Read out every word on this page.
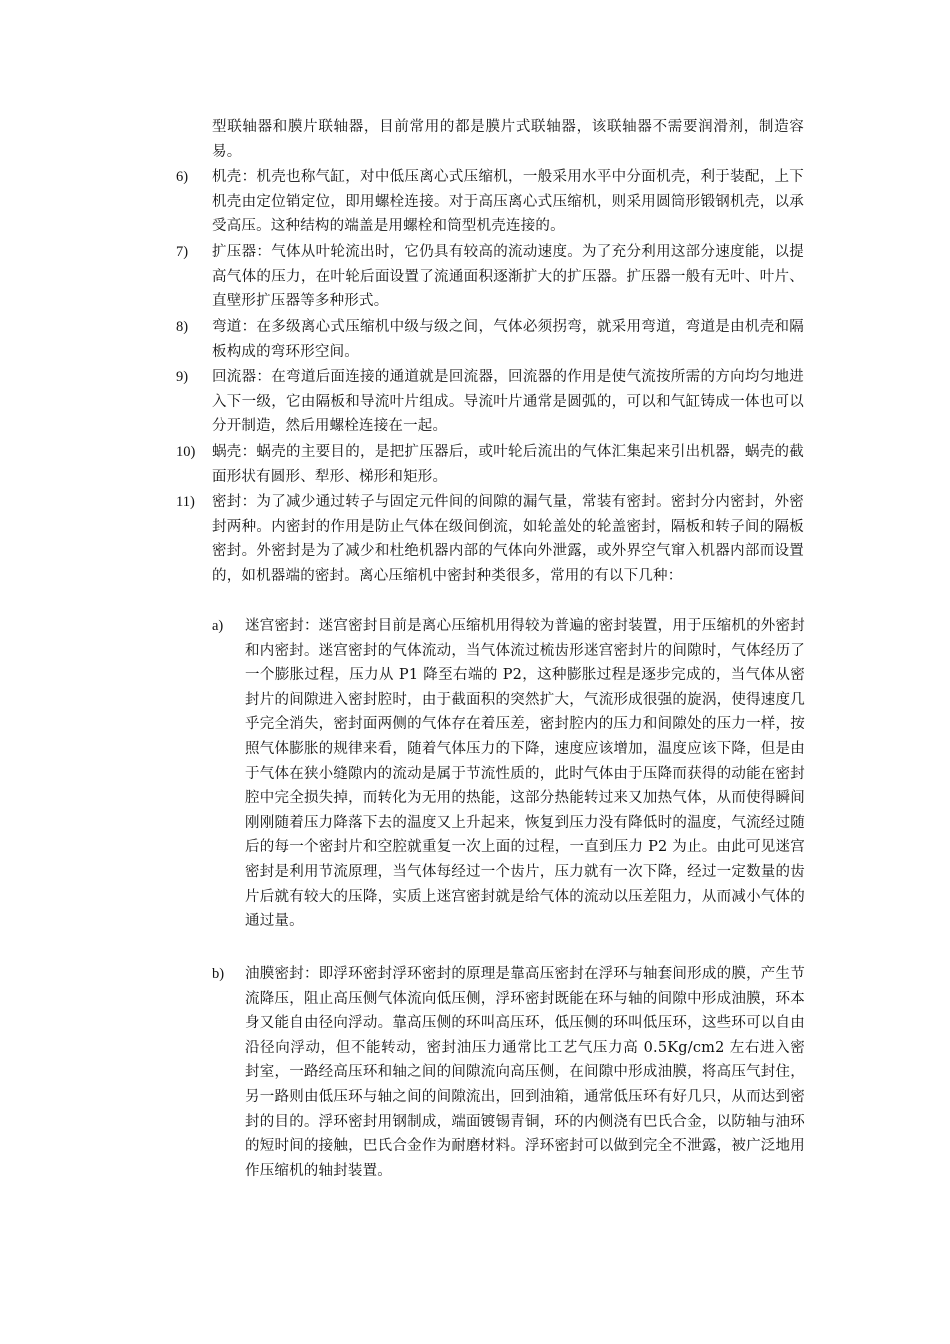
型联轴器和膜片联轴器，目前常用的都是膜片式联轴器，该联轴器不需要润滑剂，制造容易。
6) 机壳：机壳也称气缸，对中低压离心式压缩机，一般采用水平中分面机壳，利于装配，上下机壳由定位销定位，即用螺栓连接。对于高压离心式压缩机，则采用圆筒形锻钢机壳，以承受高压。这种结构的端盖是用螺栓和筒型机壳连接的。
7) 扩压器：气体从叶轮流出时，它仍具有较高的流动速度。为了充分利用这部分速度能，以提高气体的压力，在叶轮后面设置了流通面积逐渐扩大的扩压器。扩压器一般有无叶、叶片、直壁形扩压器等多种形式。
8) 弯道：在多级离心式压缩机中级与级之间，气体必须拐弯，就采用弯道，弯道是由机壳和隔板构成的弯环形空间。
9) 回流器：在弯道后面连接的通道就是回流器，回流器的作用是使气流按所需的方向均匀地进入下一级，它由隔板和导流叶片组成。导流叶片通常是圆弧的，可以和气缸铸成一体也可以分开制造，然后用螺栓连接在一起。
10) 蜗壳：蜗壳的主要目的，是把扩压器后，或叶轮后流出的气体汇集起来引出机器，蜗壳的截面形状有圆形、犁形、梯形和矩形。
11) 密封：为了减少通过转子与固定元件间的间隙的漏气量，常装有密封。密封分内密封，外密封两种。内密封的作用是防止气体在级间倒流，如轮盖处的轮盖密封，隔板和转子间的隔板密封。外密封是为了减少和杜绝机器内部的气体向外泄露，或外界空气窜入机器内部而设置的，如机器端的密封。离心压缩机中密封种类很多，常用的有以下几种：
a) 迷宫密封：迷宫密封目前是离心压缩机用得较为普遍的密封装置，用于压缩机的外密封和内密封。迷宫密封的气体流动，当气体流过梳齿形迷宫密封片的间隙时，气体经历了一个膨胀过程，压力从 P1 降至右端的 P2，这种膨胀过程是逐步完成的，当气体从密封片的间隙进入密封腔时，由于截面积的突然扩大，气流形成很强的旋涡，使得速度几乎完全消失，密封面两侧的气体存在着压差，密封腔内的压力和间隙处的压力一样，按照气体膨胀的规律来看，随着气体压力的下降，速度应该增加，温度应该下降，但是由于气体在狭小缝隙内的流动是属于节流性质的，此时气体由于压降而获得的动能在密封腔中完全损失掉，而转化为无用的热能，这部分热能转过来又加热气体，从而使得瞬间刚刚随着压力降落下去的温度又上升起来，恢复到压力没有降低时的温度，气流经过随后的每一个密封片和空腔就重复一次上面的过程，一直到压力 P2 为止。由此可见迷宫密封是利用节流原理，当气体每经过一个齿片，压力就有一次下降，经过一定数量的齿片后就有较大的压降，实质上迷宫密封就是给气体的流动以压差阻力，从而减小气体的通过量。
b) 油膜密封：即浮环密封浮环密封的原理是靠高压密封在浮环与轴套间形成的膜，产生节流降压，阻止高压侧气体流向低压侧，浮环密封既能在环与轴的间隙中形成油膜，环本身又能自由径向浮动。靠高压侧的环叫高压环，低压侧的环叫低压环，这些环可以自由沿径向浮动，但不能转动，密封油压力通常比工艺气压力高 0.5Kg/cm2 左右进入密封室，一路经高压环和轴之间的间隙流向高压侧，在间隙中形成油膜，将高压气封住，另一路则由低压环与轴之间的间隙流出，回到油箱，通常低压环有好几只，从而达到密封的目的。浮环密封用钢制成，端面镀锡青铜，环的内侧浇有巴氏合金，以防轴与油环的短时间的接触，巴氏合金作为耐磨材料。浮环密封可以做到完全不泄露，被广泛地用作压缩机的轴封装置。
